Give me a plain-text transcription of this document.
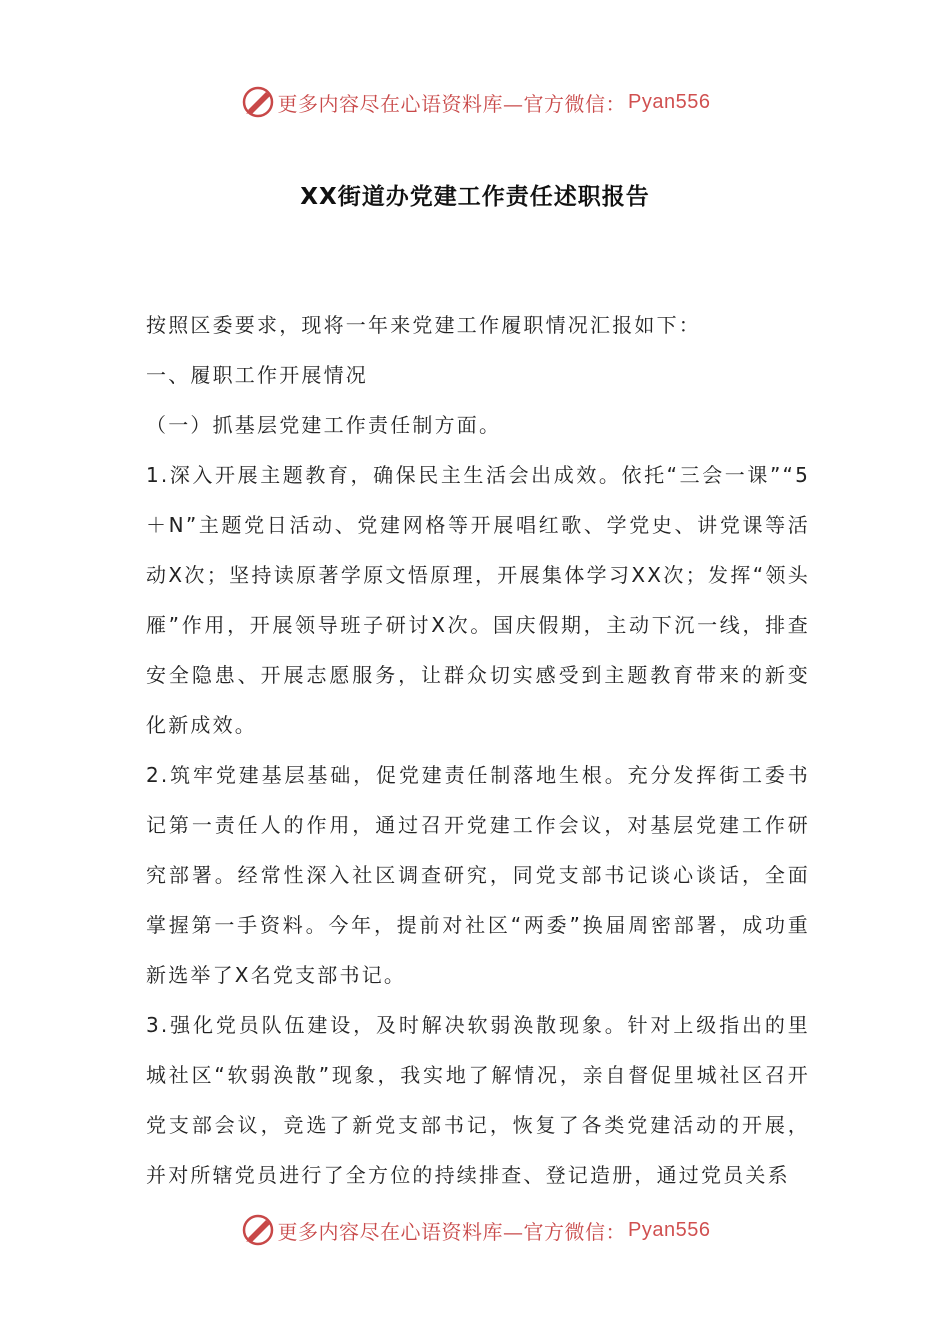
更多内容尽在心语资料库—官方微信： Pyan556
XX街道办党建工作责任述职报告

按照区委要求，现将一年来党建工作履职情况汇报如下：

一、履职工作开展情况

（一）抓基层党建工作责任制方面。

1.深入开展主题教育，确保民主生活会出成效。依托“三会一课”“5＋N”主题党日活动、党建网格等开展唱红歌、学党史、讲党课等活动X次；坚持读原著学原文悟原理，开展集体学习XX次；发挥“领头雁”作用，开展领导班子研讨X次。国庆假期，主动下沉一线，排查安全隐患、开展志愿服务，让群众切实感受到主题教育带来的新变化新成效。

2.筑牢党建基层基础，促党建责任制落地生根。充分发挥街工委书记第一责任人的作用，通过召开党建工作会议，对基层党建工作研究部署。经常性深入社区调查研究，同党支部书记谈心谈话，全面掌握第一手资料。今年，提前对社区“两委”换届周密部署，成功重新选举了X名党支部书记。

3.强化党员队伍建设，及时解决软弱涣散现象。针对上级指出的里城社区“软弱涣散”现象，我实地了解情况，亲自督促里城社区召开党支部会议，竞选了新党支部书记，恢复了各类党建活动的开展，并对所辖党员进行了全方位的持续排查、登记造册，通过党员关系

更多内容尽在心语资料库—官方微信： Pyan556
